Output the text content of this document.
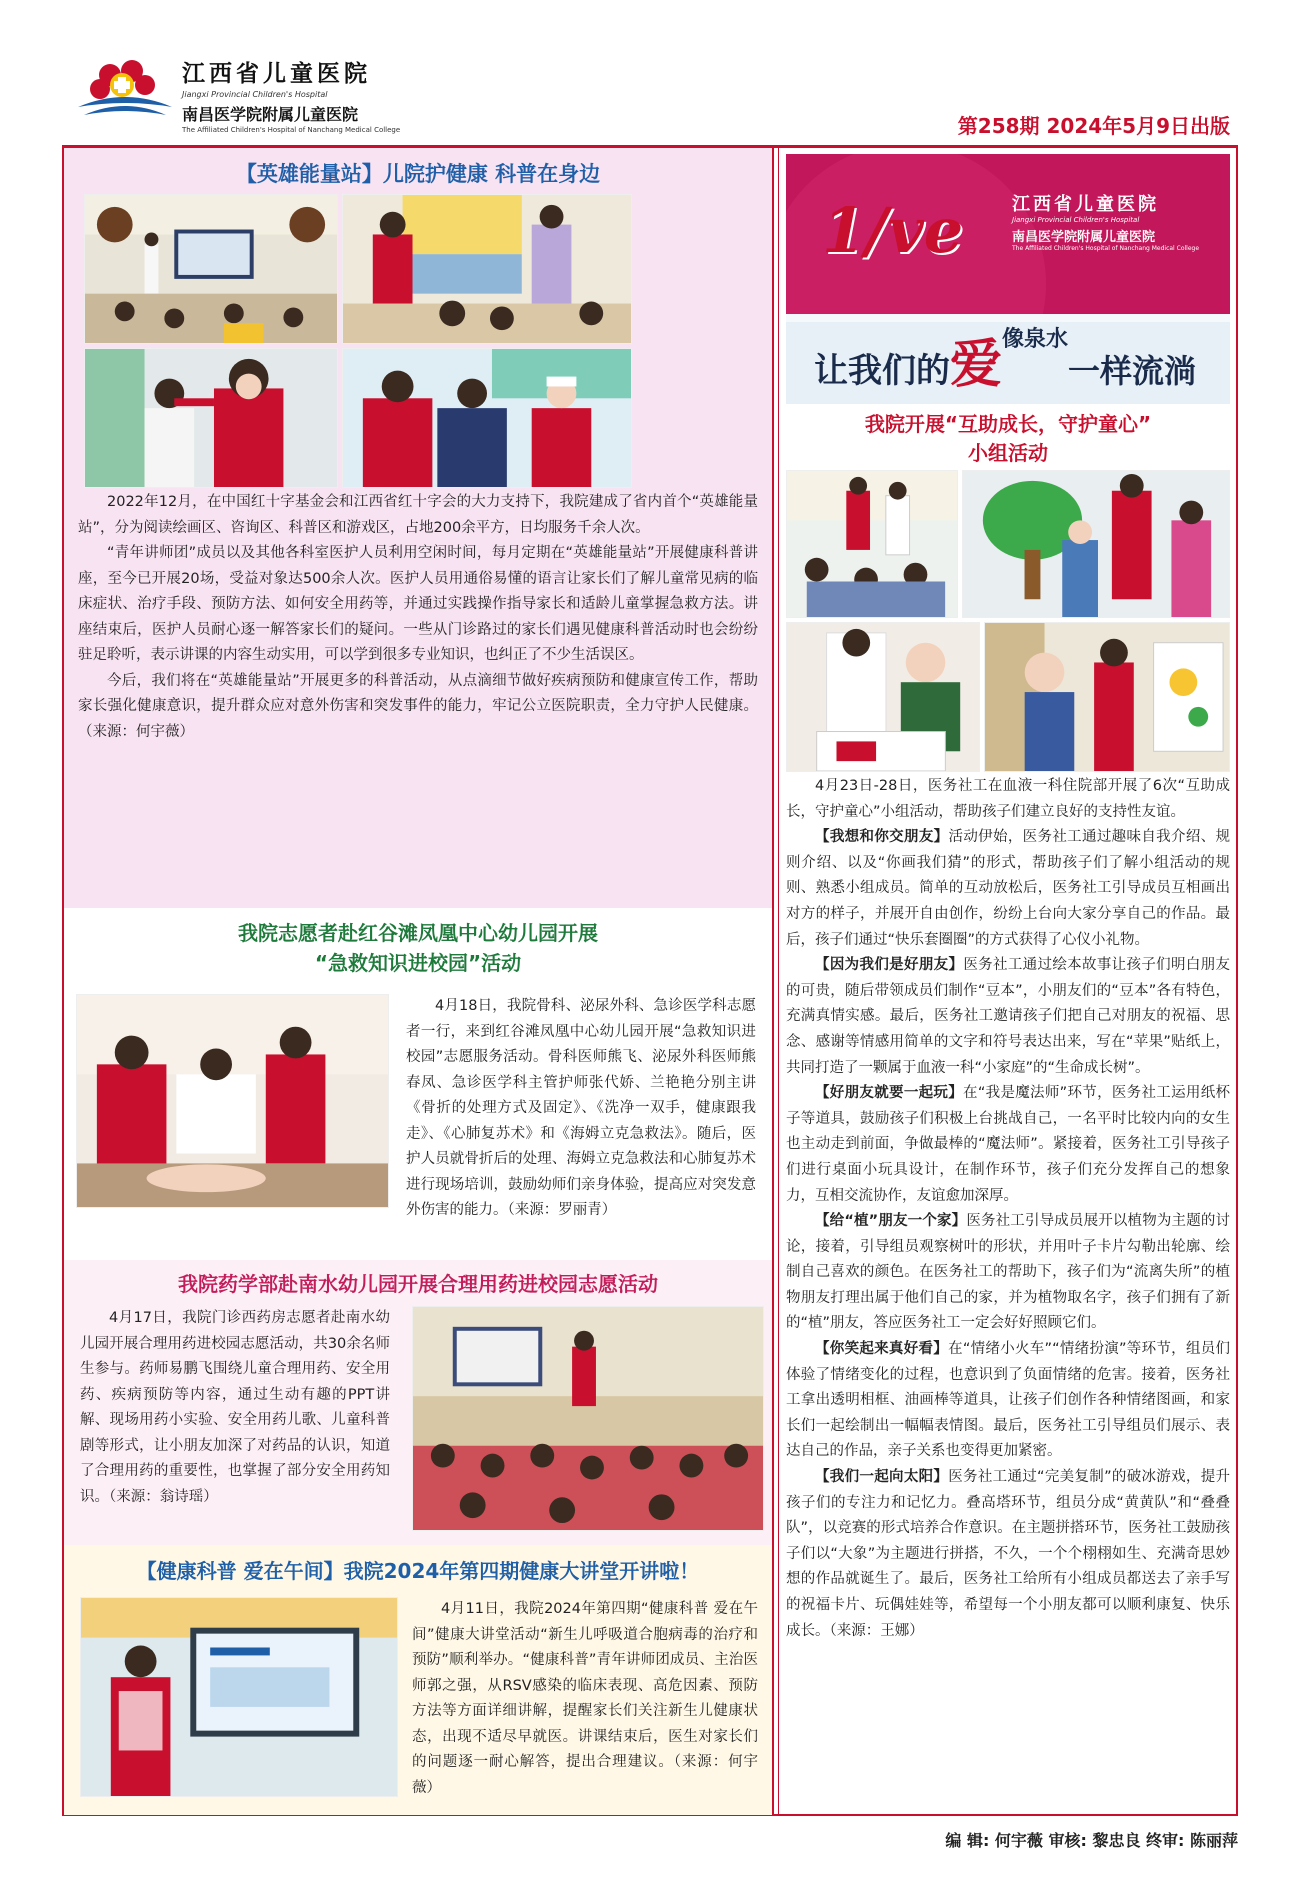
江西省儿童医院
Jiangxi Provincial Children's Hospital
南昌医学院附属儿童医院
The Affiliated Children's Hospital of Nanchang Medical College	第258期 2024年5月9日出版
【英雄能量站】儿院护健康 科普在身边

2022年12月，在中国红十字基金会和江西省红十字会的大力支持下，我院建成了省内首个“英雄能量站”，分为阅读绘画区、咨询区、科普区和游戏区，占地200余平方，日均服务千余人次。

“青年讲师团”成员以及其他各科室医护人员利用空闲时间，每月定期在“英雄能量站”开展健康科普讲座，至今已开展20场，受益对象达500余人次。医护人员用通俗易懂的语言让家长们了解儿童常见病的临床症状、治疗手段、预防方法、如何安全用药等，并通过实践操作指导家长和适龄儿童掌握急救方法。讲座结束后，医护人员耐心逐一解答家长们的疑问。一些从门诊路过的家长们遇见健康科普活动时也会纷纷驻足聆听，表示讲课的内容生动实用，可以学到很多专业知识，也纠正了不少生活误区。

今后，我们将在“英雄能量站”开展更多的科普活动，从点滴细节做好疾病预防和健康宣传工作，帮助家长强化健康意识，提升群众应对意外伤害和突发事件的能力，牢记公立医院职责，全力守护人民健康。（来源：何宇薇）

我院志愿者赴红谷滩凤凰中心幼儿园开展
“急救知识进校园”活动

4月18日，我院骨科、泌尿外科、急诊医学科志愿者一行，来到红谷滩凤凰中心幼儿园开展“急救知识进校园”志愿服务活动。骨科医师熊飞、泌尿外科医师熊春凤、急诊医学科主管护师张代娇、兰艳艳分别主讲《骨折的处理方式及固定》、《洗净一双手，健康跟我走》、《心肺复苏术》和《海姆立克急救法》。随后，医护人员就骨折后的处理、海姆立克急救法和心肺复苏术进行现场培训，鼓励幼师们亲身体验，提高应对突发意外伤害的能力。（来源：罗丽青）

我院药学部赴南水幼儿园开展合理用药进校园志愿活动

4月17日，我院门诊西药房志愿者赴南水幼儿园开展合理用药进校园志愿活动，共30余名师生参与。药师易鹏飞围绕儿童合理用药、安全用药、疾病预防等内容，通过生动有趣的PPT讲解、现场用药小实验、安全用药儿歌、儿童科普剧等形式，让小朋友加深了对药品的认识，知道了合理用药的重要性，也掌握了部分安全用药知识。（来源：翁诗瑶）

【健康科普 爱在午间】我院2024年第四期健康大讲堂开讲啦！

4月11日，我院2024年第四期“健康科普 爱在午间”健康大讲堂活动“新生儿呼吸道合胞病毒的治疗和预防”顺利举办。“健康科普”青年讲师团成员、主治医师郭之强，从RSV感染的临床表现、高危因素、预防方法等方面详细讲解，提醒家长们关注新生儿健康状态，出现不适尽早就医。讲课结束后，医生对家长们的问题逐一耐心解答，提出合理建议。（来源：何宇薇）

1/ve	江西省儿童医院
Jiangxi Provincial Children's Hospital
南昌医学院附属儿童医院
The Affiliated Children's Hospital of Nanchang Medical College
让我们的爱像泉水一样流淌
我院开展“互助成长，守护童心”
小组活动

4月23日-28日，医务社工在血液一科住院部开展了6次“互助成长，守护童心”小组活动，帮助孩子们建立良好的支持性友谊。

【我想和你交朋友】活动伊始，医务社工通过趣味自我介绍、规则介绍、以及“你画我们猜”的形式，帮助孩子们了解小组活动的规则、熟悉小组成员。简单的互动放松后，医务社工引导成员互相画出对方的样子，并展开自由创作，纷纷上台向大家分享自己的作品。最后，孩子们通过“快乐套圈圈”的方式获得了心仪小礼物。

【因为我们是好朋友】医务社工通过绘本故事让孩子们明白朋友的可贵，随后带领成员们制作“豆本”，小朋友们的“豆本”各有特色，充满真情实感。最后，医务社工邀请孩子们把自己对朋友的祝福、思念、感谢等情感用简单的文字和符号表达出来，写在“苹果”贴纸上，共同打造了一颗属于血液一科“小家庭”的“生命成长树”。

【好朋友就要一起玩】在“我是魔法师”环节，医务社工运用纸杯子等道具，鼓励孩子们积极上台挑战自己，一名平时比较内向的女生也主动走到前面，争做最棒的“魔法师”。紧接着，医务社工引导孩子们进行桌面小玩具设计，在制作环节，孩子们充分发挥自己的想象力，互相交流协作，友谊愈加深厚。

【给“植”朋友一个家】医务社工引导成员展开以植物为主题的讨论，接着，引导组员观察树叶的形状，并用叶子卡片勾勒出轮廓、绘制自己喜欢的颜色。在医务社工的帮助下，孩子们为“流离失所”的植物朋友打理出属于他们自己的家，并为植物取名字，孩子们拥有了新的“植”朋友，答应医务社工一定会好好照顾它们。

【你笑起来真好看】在“情绪小火车”“情绪扮演”等环节，组员们体验了情绪变化的过程，也意识到了负面情绪的危害。接着，医务社工拿出透明相框、油画棒等道具，让孩子们创作各种情绪图画，和家长们一起绘制出一幅幅表情图。最后，医务社工引导组员们展示、表达自己的作品，亲子关系也变得更加紧密。

【我们一起向太阳】医务社工通过“完美复制”的破冰游戏，提升孩子们的专注力和记忆力。叠高塔环节，组员分成“黄黄队”和“叠叠队”，以竞赛的形式培养合作意识。在主题拼搭环节，医务社工鼓励孩子们以“大象”为主题进行拼搭，不久，一个个栩栩如生、充满奇思妙想的作品就诞生了。最后，医务社工给所有小组成员都送去了亲手写的祝福卡片、玩偶娃娃等，希望每一个小朋友都可以顺利康复、快乐成长。（来源：王娜）

编 辑: 何宇薇 审核: 黎忠良 终审: 陈丽萍
